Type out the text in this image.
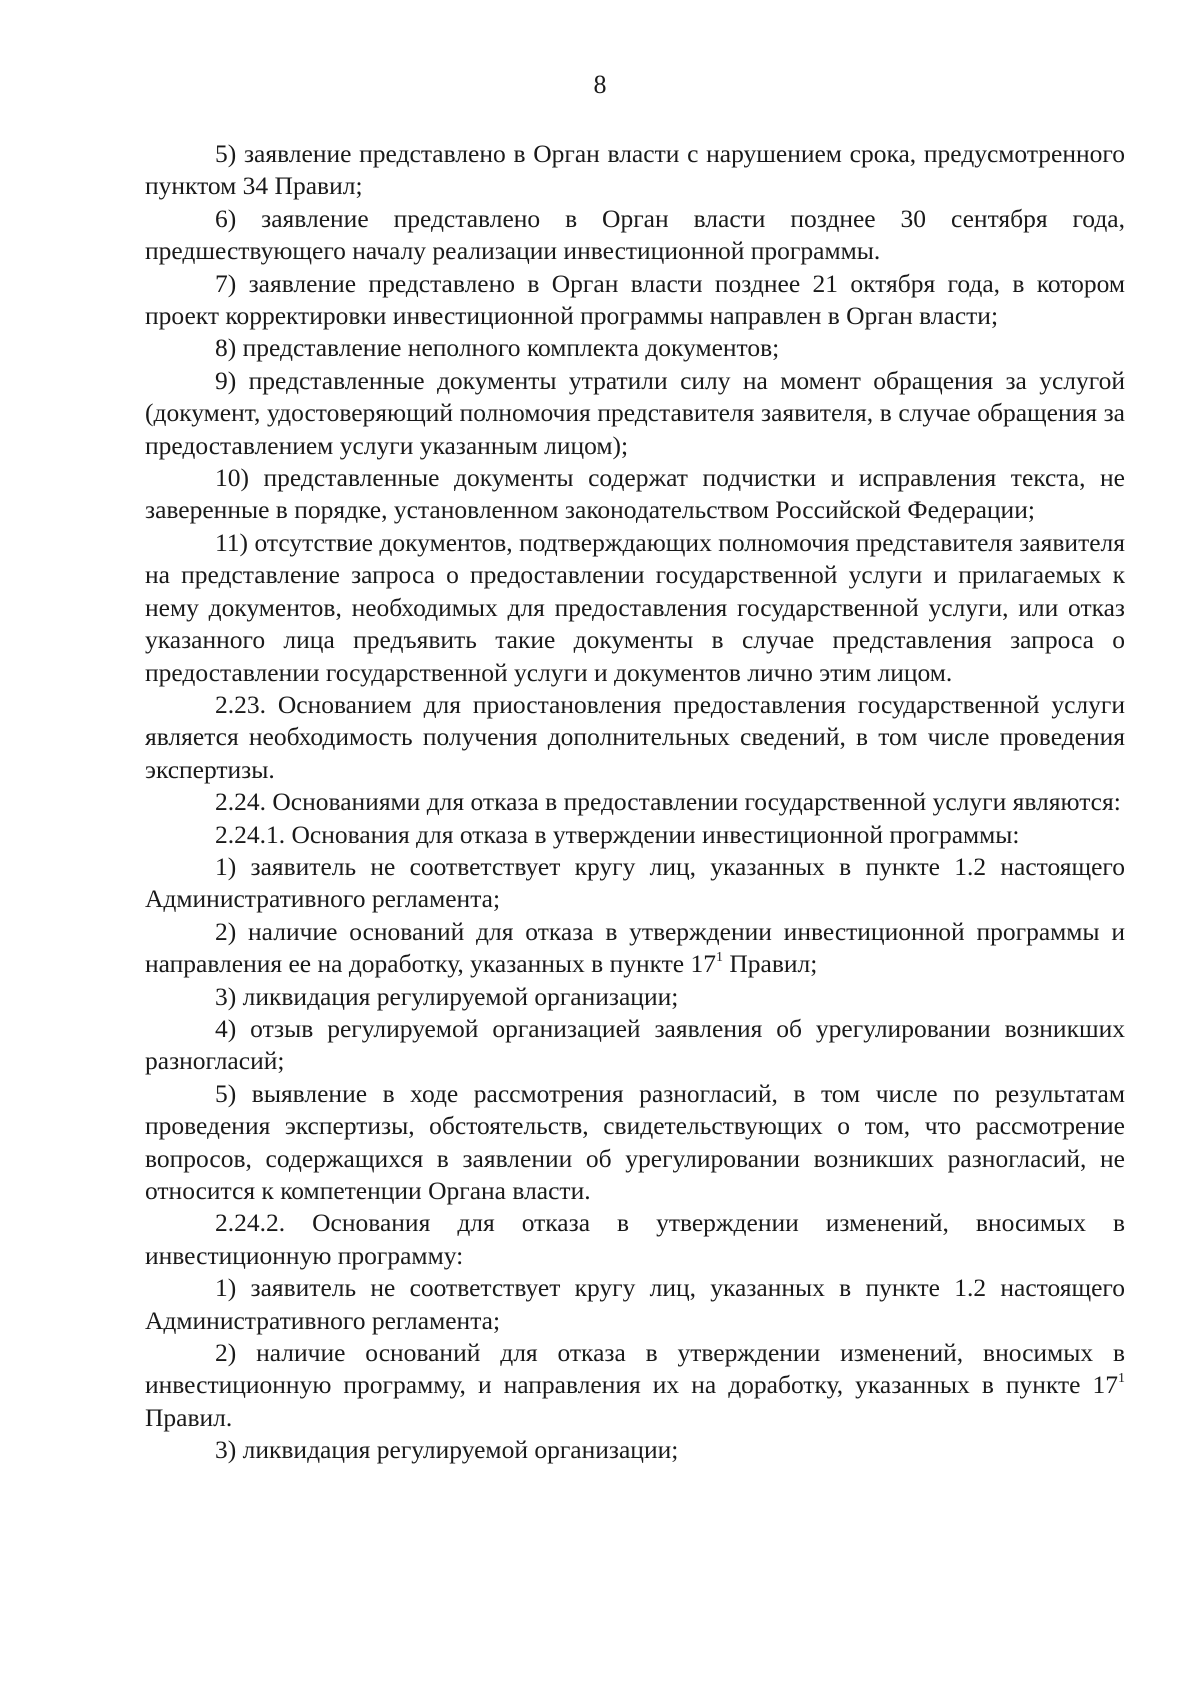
8

5) заявление представлено в Орган власти с нарушением срока, предусмотренного пунктом 34 Правил;

6) заявление представлено в Орган власти позднее 30 сентября года, предшествующего началу реализации инвестиционной программы.

7) заявление представлено в Орган власти позднее 21 октября года, в котором проект корректировки инвестиционной программы направлен в Орган власти;

8) представление неполного комплекта документов;

9) представленные документы утратили силу на момент обращения за услугой (документ, удостоверяющий полномочия представителя заявителя, в случае обращения за предоставлением услуги указанным лицом);

10) представленные документы содержат подчистки и исправления текста, не заверенные в порядке, установленном законодательством Российской Федерации;

11) отсутствие документов, подтверждающих полномочия представителя заявителя на представление запроса о предоставлении государственной услуги и прилагаемых к нему документов, необходимых для предоставления государственной услуги, или отказ указанного лица предъявить такие документы в случае представления запроса о предоставлении государственной услуги и документов лично этим лицом.

2.23. Основанием для приостановления предоставления государственной услуги является необходимость получения дополнительных сведений, в том числе проведения экспертизы.

2.24. Основаниями для отказа в предоставлении государственной услуги являются:

2.24.1. Основания для отказа в утверждении инвестиционной программы:

1) заявитель не соответствует кругу лиц, указанных в пункте 1.2 настоящего Административного регламента;

2) наличие оснований для отказа в утверждении инвестиционной программы и направления ее на доработку, указанных в пункте $17^1$ Правил;

3) ликвидация регулируемой организации;

4) отзыв регулируемой организацией заявления об урегулировании возникших разногласий;

5) выявление в ходе рассмотрения разногласий, в том числе по результатам проведения экспертизы, обстоятельств, свидетельствующих о том, что рассмотрение вопросов, содержащихся в заявлении об урегулировании возникших разногласий, не относится к компетенции Органа власти.

2.24.2. Основания для отказа в утверждении изменений, вносимых в инвестиционную программу:

1) заявитель не соответствует кругу лиц, указанных в пункте 1.2 настоящего Административного регламента;

2) наличие оснований для отказа в утверждении изменений, вносимых в инвестиционную программу, и направления их на доработку, указанных в пункте $17^1$ Правил.

3) ликвидация регулируемой организации;
